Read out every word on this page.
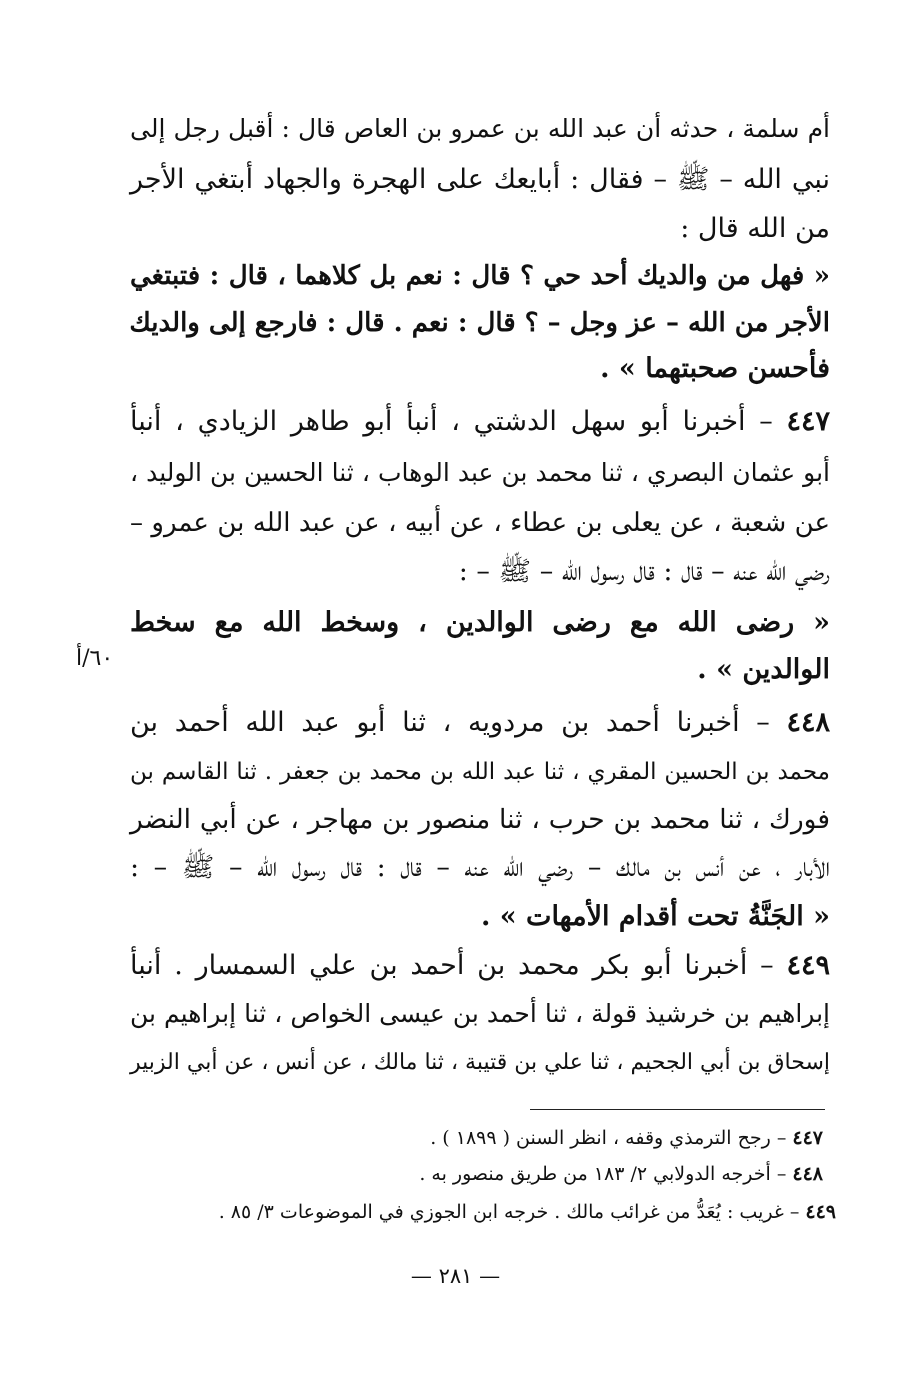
أم سلمة ، حدثه أن عبد الله بن عمرو بن العاص قال : أقبل رجل إلى
نبي الله – ﷺ – فقال : أبايعك على الهجرة والجهاد أبتغي الأجر
من الله قال :
« فهل من والديك أحد حي ؟ قال : نعم بل كلاهما ، قال : فتبتغي
الأجر من الله – عز وجل – ؟ قال : نعم . قال : فارجع إلى والديك
فأحسن صحبتهما » .
٤٤٧ – أخبرنا أبو سهل الدشتي ، أنبأ أبو طاهر الزيادي ، أنبأ
أبو عثمان البصري ، ثنا محمد بن عبد الوهاب ، ثنا الحسين بن الوليد ،
عن شعبة ، عن يعلى بن عطاء ، عن أبيه ، عن عبد الله بن عمرو –
رضي الله عنه – قال : قال رسول الله – ﷺ – :
« رضى الله مع رضى الوالدين ، وسخط الله مع سخط
الوالدين » .
٤٤٨ – أخبرنا أحمد بن مردويه ، ثنا أبو عبد الله أحمد بن
محمد بن الحسين المقري ، ثنا عبد الله بن محمد بن جعفر . ثنا القاسم بن
فورك ، ثنا محمد بن حرب ، ثنا منصور بن مهاجر ، عن أبي النضر
الأبار ، عن أنس بن مالك – رضي الله عنه – قال : قال رسول الله – ﷺ – :
« الجَنَّةُ تحت أقدام الأمهات » .
٤٤٩ – أخبرنا أبو بكر محمد بن أحمد بن علي السمسار . أنبأ
إبراهيم بن خرشيذ قولة ، ثنا أحمد بن عيسى الخواص ، ثنا إبراهيم بن
إسحاق بن أبي الجحيم ، ثنا علي بن قتيبة ، ثنا مالك ، عن أنس ، عن أبي الزبير
٦٠/أ
٤٤٧ – رجح الترمذي وقفه ، انظر السنن ( ١٨٩٩ ) .
٤٤٨ – أخرجه الدولابي ٢/ ١٨٣ من طريق منصور به .
٤٤٩ – غريب : يُعَدُّ من غرائب مالك . خرجه ابن الجوزي في الموضوعات ٣/ ٨٥ .
— ٢٨١ —
